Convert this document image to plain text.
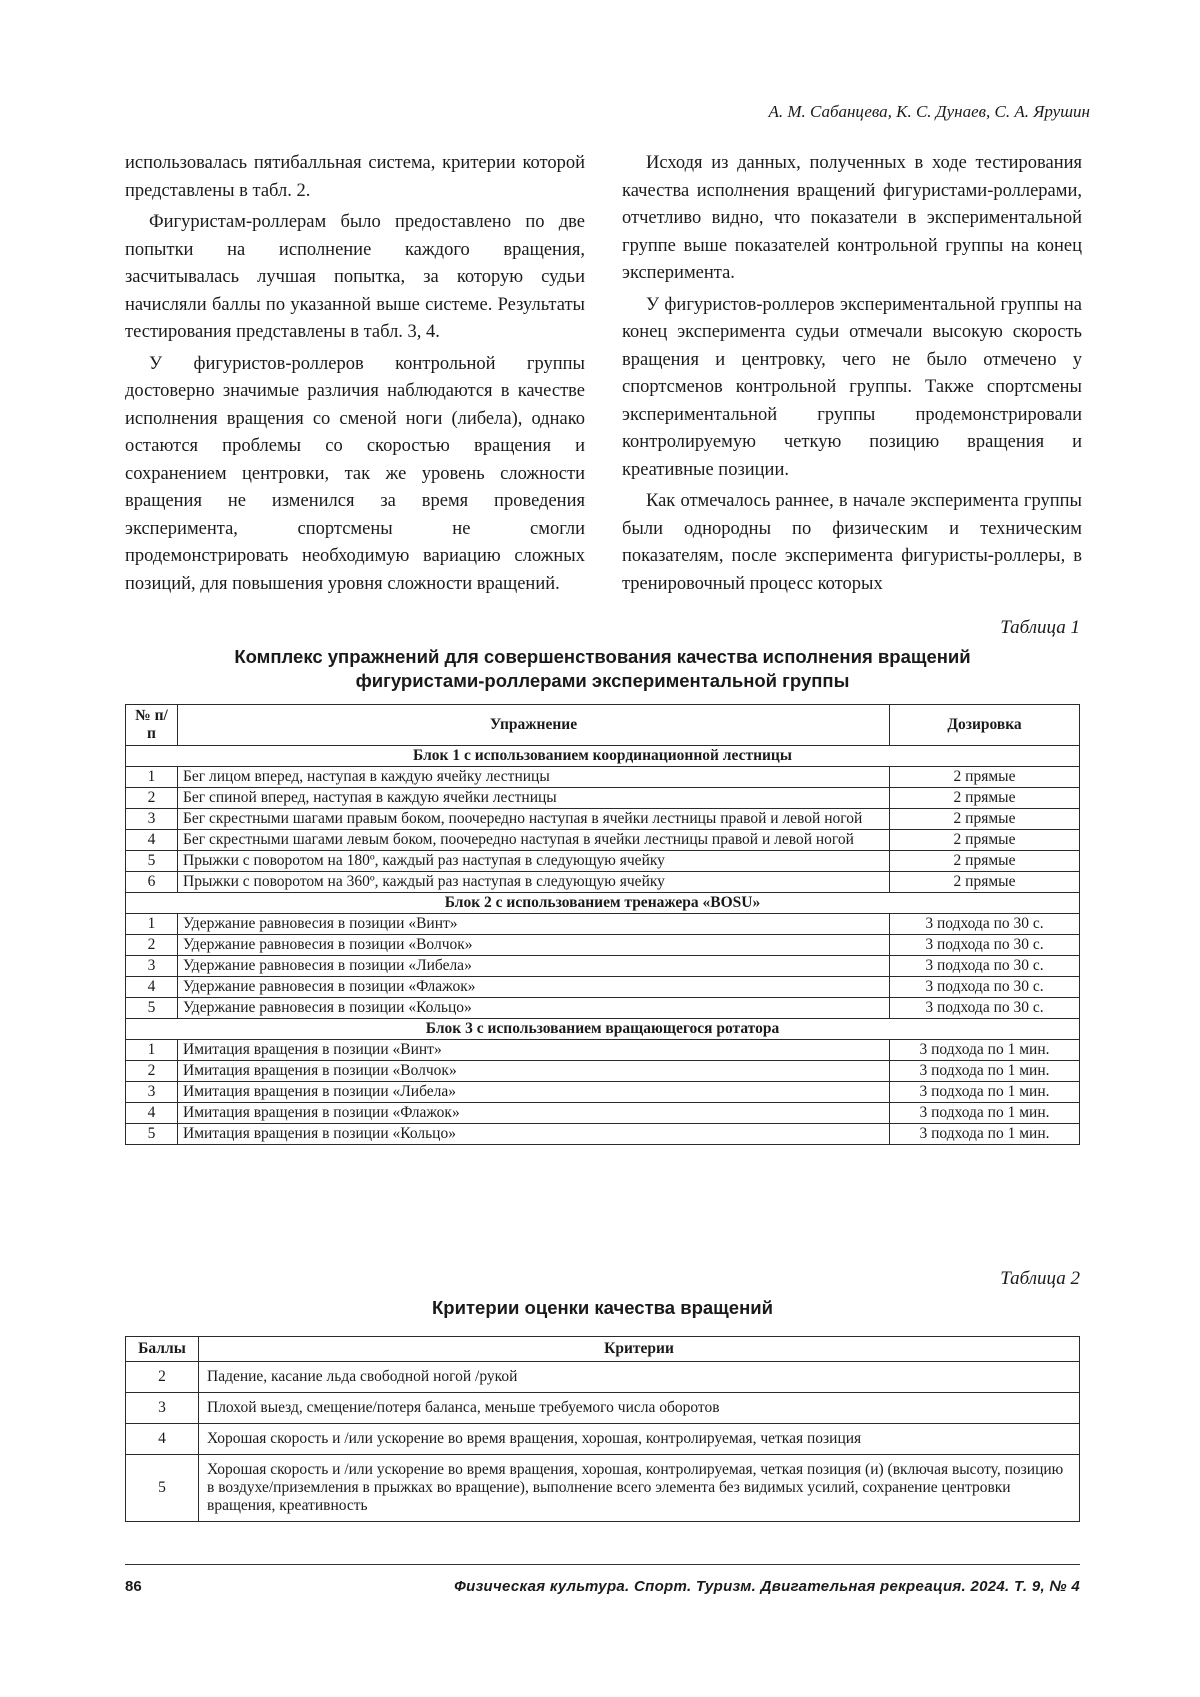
А. М. Сабанцева, К. С. Дунаев, С. А. Ярушин

использовалась пятибалльная система, критерии которой представлены в табл. 2.

Фигуристам-роллерам было предоставлено по две попытки на исполнение каждого вращения, засчитывалась лучшая попытка, за которую судьи начисляли баллы по указанной выше системе. Результаты тестирования представлены в табл. 3, 4.

У фигуристов-роллеров контрольной группы достоверно значимые различия наблюдаются в качестве исполнения вращения со сменой ноги (либела), однако остаются проблемы со скоростью вращения и сохранением центровки, так же уровень сложности вращения не изменился за время проведения эксперимента, спортсмены не смогли продемонстрировать необходимую вариацию сложных позиций, для повышения уровня сложности вращений.

Исходя из данных, полученных в ходе тестирования качества исполнения вращений фигуристами-роллерами, отчетливо видно, что показатели в экспериментальной группе выше показателей контрольной группы на конец эксперимента.

У фигуристов-роллеров экспериментальной группы на конец эксперимента судьи отмечали высокую скорость вращения и центровку, чего не было отмечено у спортсменов контрольной группы. Также спортсмены экспериментальной группы продемонстрировали контролируемую четкую позицию вращения и креативные позиции.

Как отмечалось раннее, в начале эксперимента группы были однородны по физическим и техническим показателям, после эксперимента фигуристы-роллеры, в тренировочный процесс которых

Таблица 1
Комплекс упражнений для совершенствования качества исполнения вращений
фигуристами-роллерами экспериментальной группы
№ п/п	Упражнение	Дозировка
Блок 1 с использованием координационной лестницы		
1	Бег лицом вперед, наступая в каждую ячейку лестницы	2 прямые
2	Бег спиной вперед, наступая в каждую ячейки лестницы	2 прямые
3	Бег скрестными шагами правым боком, поочередно наступая в ячейки лестницы правой и левой ногой	2 прямые
4	Бег скрестными шагами левым боком, поочередно наступая в ячейки лестницы правой и левой ногой	2 прямые
5	Прыжки с поворотом на 180º, каждый раз наступая в следующую ячейку	2 прямые
6	Прыжки с поворотом на 360º, каждый раз наступая в следующую ячейку	2 прямые
Блок 2 с использованием тренажера «BOSU»		
1	Удержание равновесия в позиции «Винт»	3 подхода по 30 с.
2	Удержание равновесия в позиции «Волчок»	3 подхода по 30 с.
3	Удержание равновесия в позиции «Либела»	3 подхода по 30 с.
4	Удержание равновесия в позиции «Флажок»	3 подхода по 30 с.
5	Удержание равновесия в позиции «Кольцо»	3 подхода по 30 с.
Блок 3 с использованием вращающегося ротатора		
1	Имитация вращения в позиции «Винт»	3 подхода по 1 мин.
2	Имитация вращения в позиции «Волчок»	3 подхода по 1 мин.
3	Имитация вращения в позиции «Либела»	3 подхода по 1 мин.
4	Имитация вращения в позиции «Флажок»	3 подхода по 1 мин.
5	Имитация вращения в позиции «Кольцо»	3 подхода по 1 мин.
Таблица 2
Критерии оценки качества вращений
Баллы	Критерии
2	Падение, касание льда свободной ногой /рукой
3	Плохой выезд, смещение/потеря баланса, меньше требуемого числа оборотов
4	Хорошая скорость и /или ускорение во время вращения, хорошая, контролируемая, четкая позиция
5	Хорошая скорость и /или ускорение во время вращения, хорошая, контролируемая, четкая позиция (и) (включая высоту, позицию в воздухе/приземления в прыжках во вращение), выполнение всего элемента без видимых усилий, сохранение центровки вращения, креативность
86	Физическая культура. Спорт. Туризм. Двигательная рекреация. 2024. Т. 9, № 4
